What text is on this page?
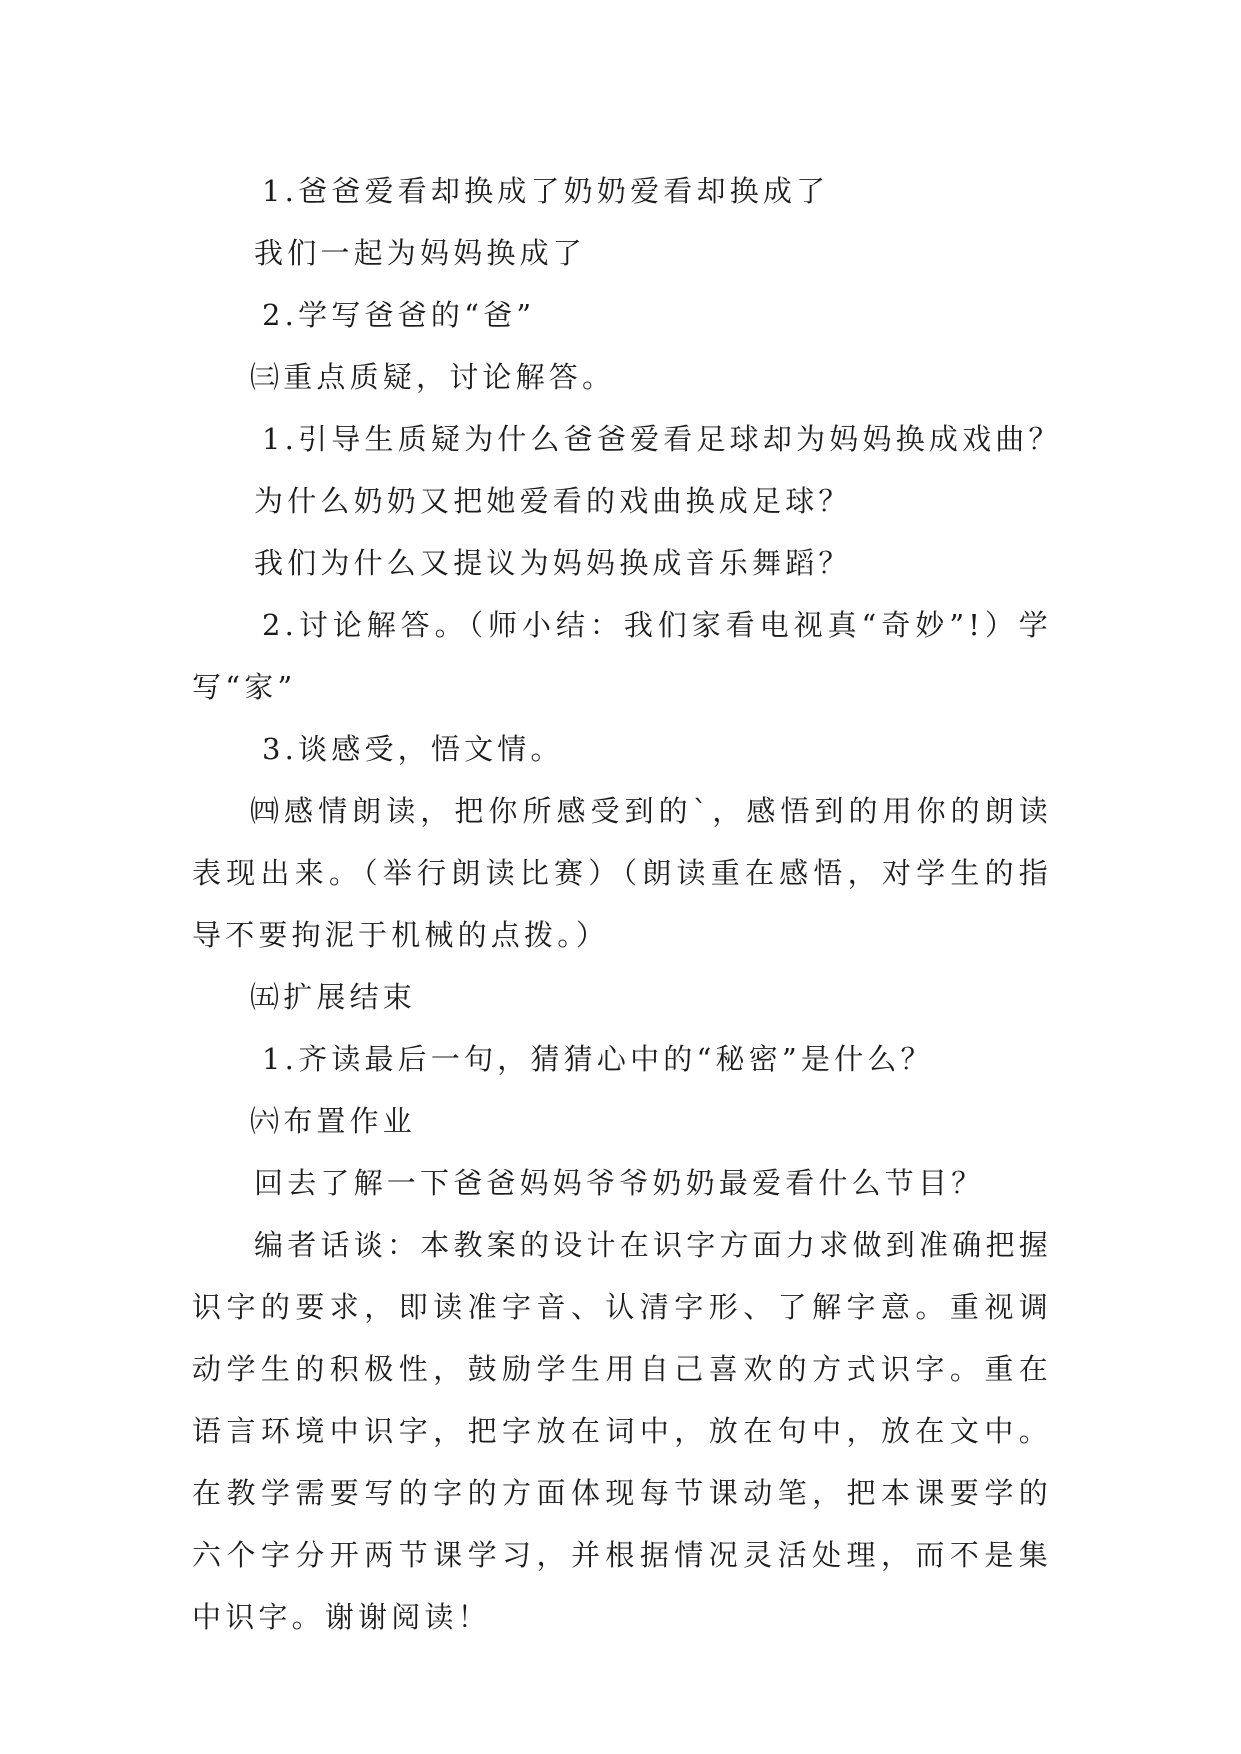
1.爸爸爱看却换成了奶奶爱看却换成了
我们一起为妈妈换成了
2.学写爸爸的“爸”
㈢重点质疑，讨论解答。
1.引导生质疑为什么爸爸爱看足球却为妈妈换成戏曲？
为什么奶奶又把她爱看的戏曲换成足球？
我们为什么又提议为妈妈换成音乐舞蹈？

2.讨论解答。（师小结：我们家看电视真“奇妙”!）学写“家”

3.谈感受，悟文情。

㈣感情朗读，把你所感受到的`，感悟到的用你的朗读表现出来。（举行朗读比赛）（朗读重在感悟，对学生的指导不要拘泥于机械的点拨。）

㈤扩展结束
1.齐读最后一句，猜猜心中的“秘密”是什么？
㈥布置作业
回去了解一下爸爸妈妈爷爷奶奶最爱看什么节目？

编者话谈：本教案的设计在识字方面力求做到准确把握识字的要求，即读准字音、认清字形、了解字意。重视调动学生的积极性，鼓励学生用自己喜欢的方式识字。重在语言环境中识字，把字放在词中，放在句中，放在文中。在教学需要写的字的方面体现每节课动笔，把本课要学的六个字分开两节课学习，并根据情况灵活处理，而不是集中识字。谢谢阅读！
